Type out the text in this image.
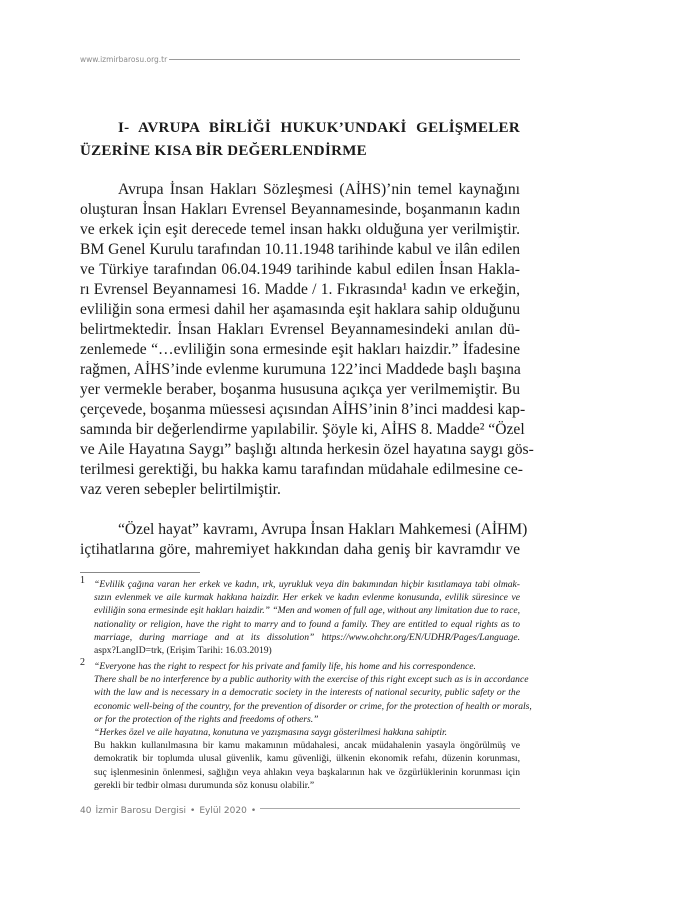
www.izmirbarosu.org.tr
I- AVRUPA BİRLİĞİ HUKUK’UNDAKİ GELİŞMELER
ÜZERİNE KISA BİR DEĞERLENDİRME
Avrupa İnsan Hakları Sözleşmesi (AİHS)’nin temel kaynağını
oluşturan İnsan Hakları Evrensel Beyannamesinde, boşanmanın kadın
ve erkek için eşit derecede temel insan hakkı olduğuna yer verilmiştir.
BM Genel Kurulu tarafından 10.11.1948 tarihinde kabul ve ilân edilen
ve Türkiye tarafından 06.04.1949 tarihinde kabul edilen İnsan Hakla-
rı Evrensel Beyannamesi 16. Madde / 1. Fıkrasında¹ kadın ve erkeğin,
evliliğin sona ermesi dahil her aşamasında eşit haklara sahip olduğunu
belirtmektedir. İnsan Hakları Evrensel Beyannamesindeki anılan dü-
zenlemede “…evliliğin sona ermesinde eşit hakları haizdir.” İfadesine
rağmen, AİHS’inde evlenme kurumuna 122’inci Maddede başlı başına
yer vermekle beraber, boşanma hususuna açıkça yer verilmemiştir. Bu
çerçevede, boşanma müessesi açısından AİHS’inin 8’inci maddesi kap-
samında bir değerlendirme yapılabilir. Şöyle ki, AİHS 8. Madde² “Özel
ve Aile Hayatına Saygı” başlığı altında herkesin özel hayatına saygı gös-
terilmesi gerektiği, bu hakka kamu tarafından müdahale edilmesine ce-
vaz veren sebepler belirtilmiştir.
“Özel hayat” kavramı, Avrupa İnsan Hakları Mahkemesi (AİHM)
içtihatlarına göre, mahremiyet hakkından daha geniş bir kavramdır ve
1 “Evlilik çağına varan her erkek ve kadın, ırk, uyrukluk veya din bakımından hiçbir kısıtlamaya tabi olmak-
sızın evlenmek ve aile kurmak hakkına haizdir. Her erkek ve kadın evlenme konusunda, evlilik süresince ve
evliliğin sona ermesinde eşit hakları haizdir.” “Men and women of full age, without any limitation due to race,
nationality or religion, have the right to marry and to found a family. They are entitled to equal rights as to
marriage, during marriage and at its dissolution” https://www.ohchr.org/EN/UDHR/Pages/Language.
aspx?LangID=trk, (Erişim Tarihi: 16.03.2019)
2 “Everyone has the right to respect for his private and family life, his home and his correspondence.
There shall be no interference by a public authority with the exercise of this right except such as is in accordance
with the law and is necessary in a democratic society in the interests of national security, public safety or the
economic well-being of the country, for the prevention of disorder or crime, for the protection of health or morals,
or for the protection of the rights and freedoms of others.”
“Herkes özel ve aile hayatına, konutuna ve yazışmasına saygı gösterilmesi hakkına sahiptir.
Bu hakkın kullanılmasına bir kamu makamının müdahalesi, ancak müdahalenin yasayla öngörülmüş ve
demokratik bir toplumda ulusal güvenlik, kamu güvenliği, ülkenin ekonomik refahı, düzenin korunması,
suç işlenmesinin önlenmesi, sağlığın veya ahlakın veya başkalarının hak ve özgürlüklerinin korunması için
gerekli bir tedbir olması durumunda söz konusu olabilir.”
40 İzmir Barosu Dergisi • Eylül 2020 •
